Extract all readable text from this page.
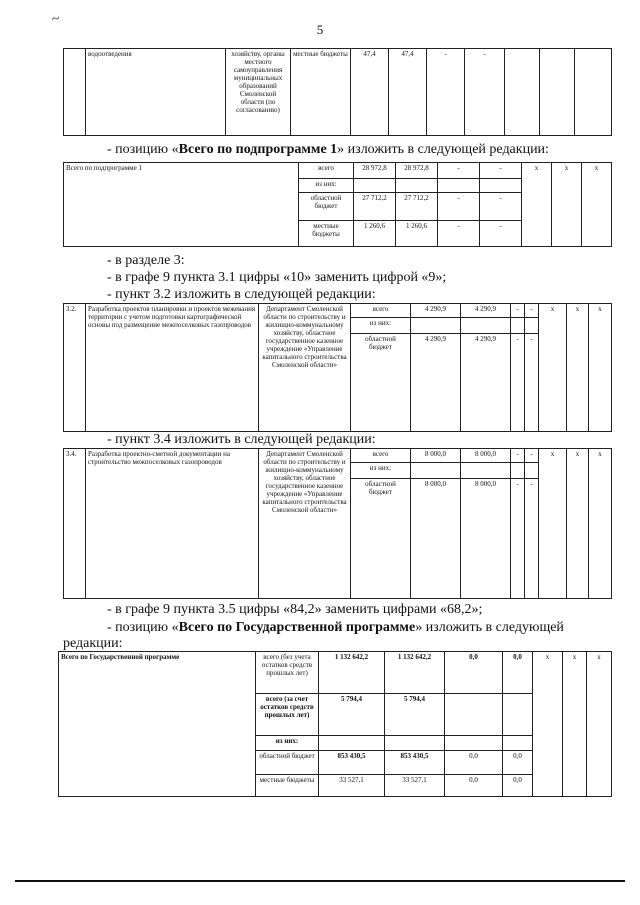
~
5
	водоотведения	хозяйству, органы местного самоуправления муниципальных образований Смоленской области (по согласованию)	местные бюджеты	47,4	47,4	-	-			
- позицию «Всего по подпрограмме 1» изложить в следующей редакции:
Всего по подпрограмме 1	всего	28 972,8	28 972,8	-	-	х	х	х
	из них:							
	областной бюджет	27 712,2	27 712,2	-	-			
	местные бюджеты	1 260,6	1 260,6	-	-			
- в разделе 3:
- в графе 9 пункта 3.1 цифры «10» заменить цифрой «9»;
- пункт 3.2 изложить в следующей редакции:
3.2.	Разработка проектов планировки и проектов межевания территории с учетом подготовки картографической основы под размещение межпоселковых газопроводов	Департамент Смоленской области по строительству и жилищно-коммунальному хозяйству, областное государственное казенное учреждение «Управление капитального строительства Смоленской области»	всего	4 290,9	4 290,9	-	-	х	х	х
			из них:							
			областной бюджет	4 290,9	4 290,9	-	-			
- пункт 3.4 изложить в следующей редакции:
3.4.	Разработка проектно-сметной документации на строительство межпоселковых газопроводов	Департамент Смоленской области по строительству и жилищно-коммунальному хозяйству, областное государственное казенное учреждение «Управление капитального строительства Смоленской области»	всего	8 000,0	8 000,0	-	-	х	х	х
			из них:							
			областной бюджет	8 000,0	8 000,0	-	-			
- в графе 9 пункта 3.5 цифры «84,2» заменить цифрами «68,2»;
- позицию «Всего по Государственной программе» изложить в следующей
редакции:
Всего по Государственной программе	всего (без учета остатков средств прошлых лет)	1 132 642,2	1 132 642,2	0,0	0,0	х	х	х
	всего (за счет остатков средств прошлых лет)	5 794,4	5 794,4					
	из них:							
	областной бюджет	853 430,5	853 430,5	0,0	0,0			
	местные бюджеты	33 527,1	33 527,1	0,0	0,0			
